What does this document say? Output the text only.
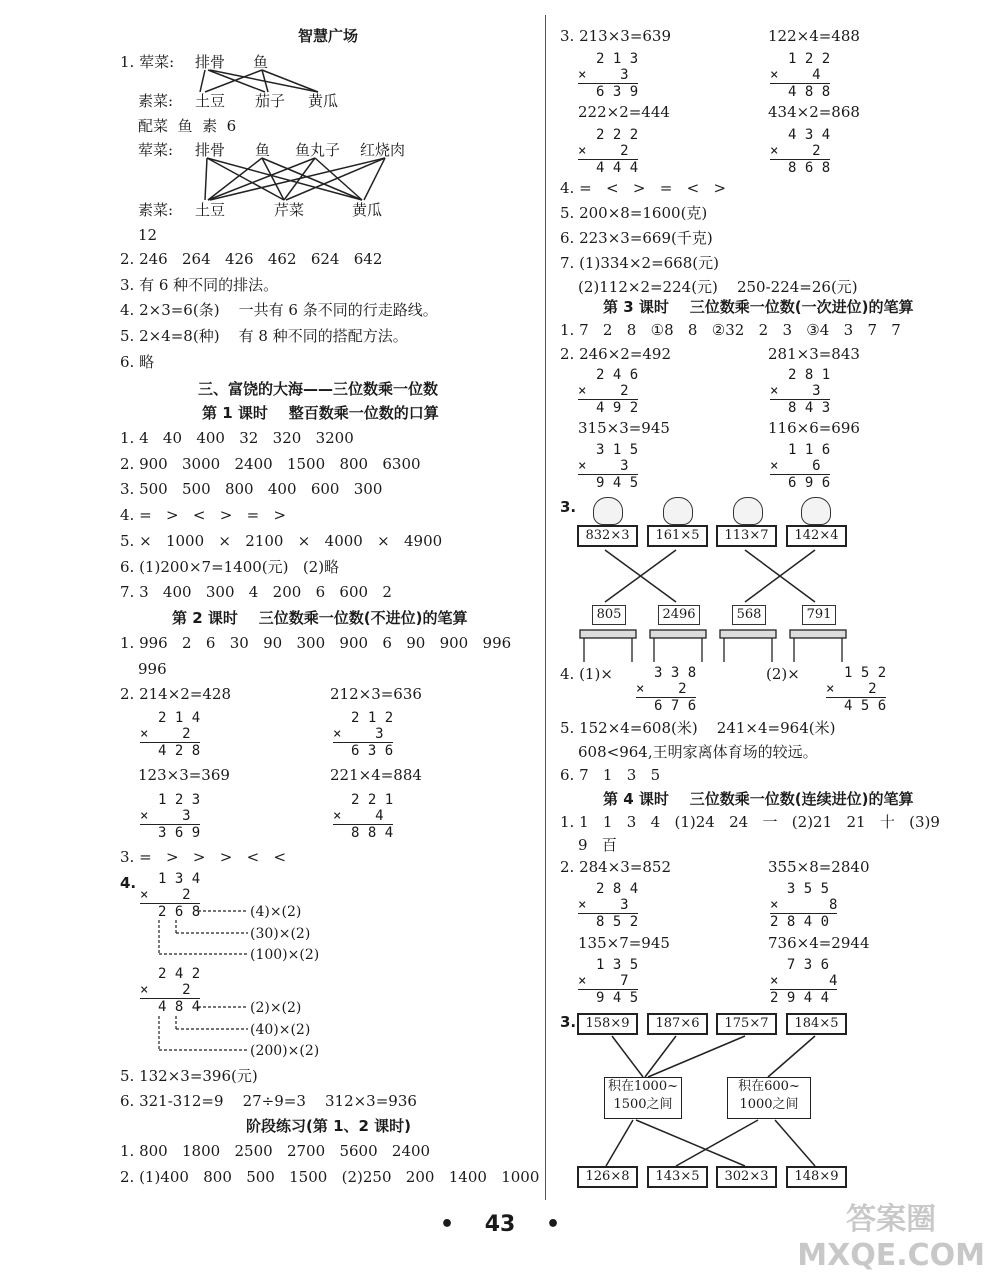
智慧广场
1. 荤菜: 排骨 鱼
素菜: 土豆 茄子 黄瓜
配菜  鱼  素  6
荤菜: 排骨 鱼 鱼丸子 红烧肉
素菜: 土豆	芹菜	黄瓜
12
2. 246   264   426   462   624   642
3. 有 6 种不同的排法。
4. 2×3=6(条)    一共有 6 条不同的行走路线。
5. 2×4=8(种)    有 8 种不同的搭配方法。
6. 略
三、富饶的大海——三位数乘一位数
第 1 课时    整百数乘一位数的口算
1. 4   40   400   32   320   3200
2. 900   3000   2400   1500   800   6300
3. 500   500   800   400   600   300
4. =   >   <   >   =   >
5. ×   1000   ×   2100   ×   4000   ×   4900
6. (1)200×7=1400(元)   (2)略
7. 3   400   300   4   200   6   600   2
第 2 课时    三位数乘一位数(不进位)的笔算
1. 996   2   6   30   90   300   900   6   90   900   996
996
2. 214×2=428	212×3=636
2 1 4
×    2
4 2 8
2 1 2
×    3
6 3 6
123×3=369	221×4=884
1 2 3
×    3
3 6 9
2 2 1
×    4
8 8 4
3. =   >   >   >   <   <
4.	1 3 4
×    2
2 6 8	(4)×(2)
(30)×(2)
(100)×(2)
2 4 2
×    2
4 8 4	(2)×(2)
(40)×(2)
(200)×(2)
5. 132×3=396(元)
6. 321-312=9    27÷9=3    312×3=936
阶段练习(第 1、2 课时)
1. 800   1800   2500   2700   5600   2400
2. (1)400   800   500   1500   (2)250   200   1400   1000
3. 213×3=639	122×4=488
2 1 3
×    3
6 3 9
1 2 2
×    4
4 8 8
222×2=444	434×2=868
2 2 2
×    2
4 4 4
4 3 4
×    2
8 6 8
4. =   <   >   =   <   >
5. 200×8=1600(克)
6. 223×3=669(千克)
7. (1)334×2=668(元)
(2)112×2=224(元)    250-224=26(元)
第 3 课时    三位数乘一位数(一次进位)的笔算
1. 7   2   8   ①8   8   ②32   2   3   ③4   3   7   7
2. 246×2=492	281×3=843
2 4 6
×    2
4 9 2
2 8 1
×    3
8 4 3
315×3=945	116×6=696
3 1 5
×    3
9 4 5
1 1 6
×    6
6 9 6
3.
832×3	161×5	113×7	142×4
805	2496	568	791
4. (1)×	3 3 8
×    2
6 7 6
(2)×	1 5 2
×    2
4 5 6
5. 152×4=608(米)    241×4=964(米)
608<964,王明家离体育场的较远。
6. 7   1   3   5
第 4 课时    三位数乘一位数(连续进位)的笔算
1. 1   1   3   4   (1)24   24   一   (2)21   21   十   (3)9
9   百
2. 284×3=852	355×8=2840
2 8 4
×    3
8 5 2
3 5 5
×      8
2 8 4 0
135×7=945	736×4=2944
1 3 5
×    7
9 4 5
7 3 6
×      4
2 9 4 4
3. 158×9	187×6	175×7	184×5
积在1000~
1500之间
积在600~
1000之间
126×8	143×5	302×3	148×9
• 43 •	答案圈
MXQE.COM
